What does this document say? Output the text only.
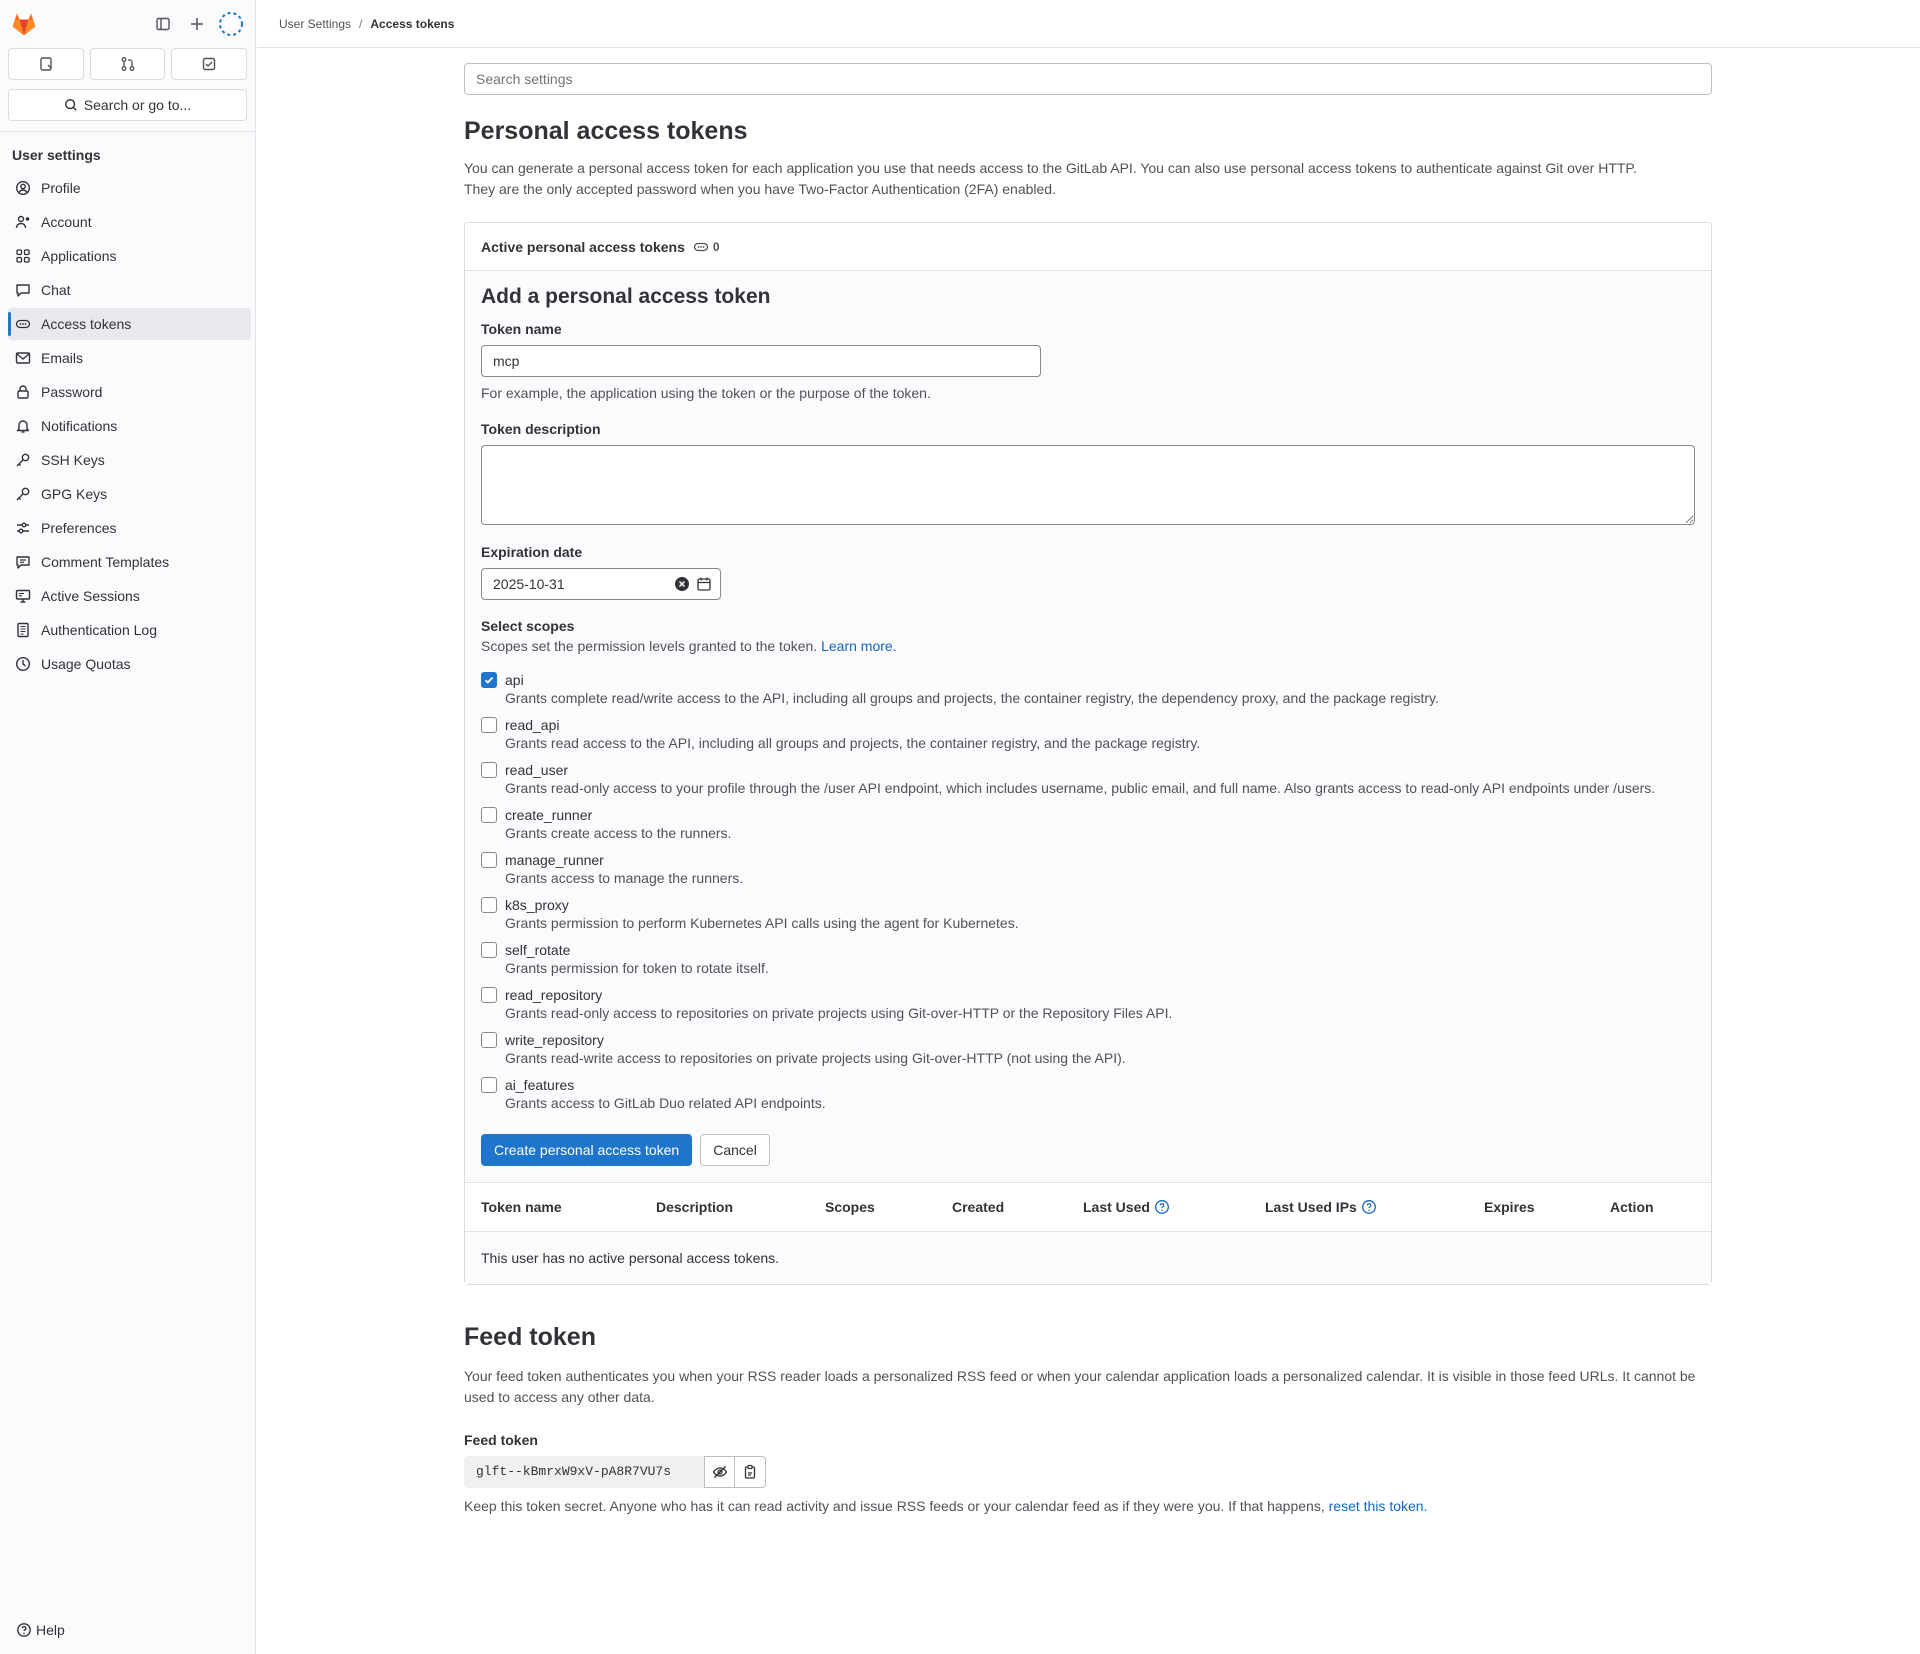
Search or go to...
User settings
Profile
Account
Applications
Chat
Access tokens
Emails
Password
Notifications
SSH Keys
GPG Keys
Preferences
Comment Templates
Active Sessions
Authentication Log
Usage Quotas
Help
User Settings / Access tokens
Search settings
Personal access tokens

You can generate a personal access token for each application you use that needs access to the GitLab API. You can also use personal access tokens to authenticate against Git over HTTP.
They are the only accepted password when you have Two-Factor Authentication (2FA) enabled.

Active personal access tokens 0
Add a personal access token
Token name
mcp
For example, the application using the token or the purpose of the token.
Token description
Expiration date
2025-10-31
Select scopes
Scopes set the permission levels granted to the token. Learn more.
api
Grants complete read/write access to the API, including all groups and projects, the container registry, the dependency proxy, and the package registry.
read_api
Grants read access to the API, including all groups and projects, the container registry, and the package registry.
read_user
Grants read-only access to your profile through the /user API endpoint, which includes username, public email, and full name. Also grants access to read-only API endpoints under /users.
create_runner
Grants create access to the runners.
manage_runner
Grants access to manage the runners.
k8s_proxy
Grants permission to perform Kubernetes API calls using the agent for Kubernetes.
self_rotate
Grants permission for token to rotate itself.
read_repository
Grants read-only access to repositories on private projects using Git-over-HTTP or the Repository Files API.
write_repository
Grants read-write access to repositories on private projects using Git-over-HTTP (not using the API).
ai_features
Grants access to GitLab Duo related API endpoints.
Create personal access token	Cancel
Token name	Description	Scopes	Created	Last Used	Last Used IPs	Expires	Action
This user has no active personal access tokens.
Feed token

Your feed token authenticates you when your RSS reader loads a personalized RSS feed or when your calendar application loads a personalized calendar. It is visible in those feed URLs. It cannot be used to access any other data.

Feed token
glft--kBmrxW9xV-pA8R7VU7s
Keep this token secret. Anyone who has it can read activity and issue RSS feeds or your calendar feed as if they were you. If that happens, reset this token.
